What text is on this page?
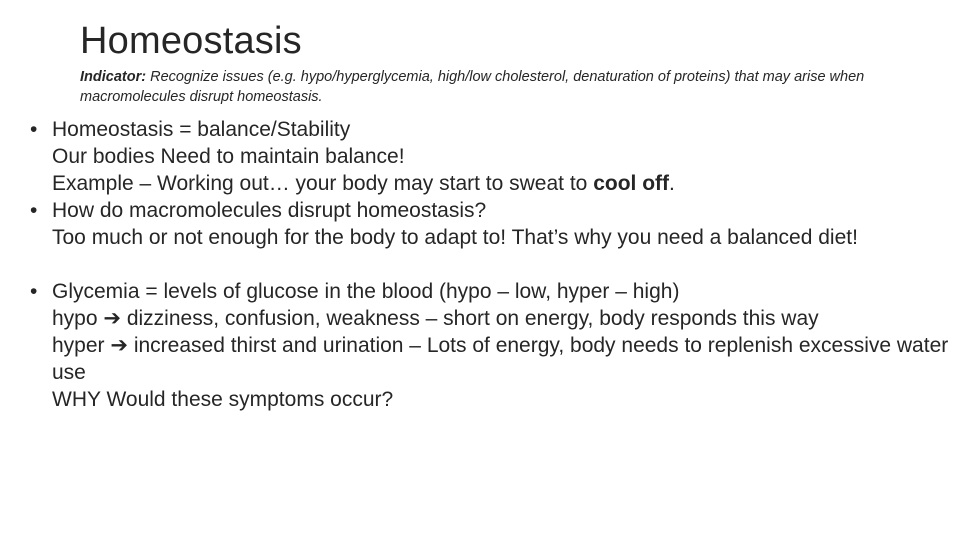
Homeostasis

Indicator: Recognize issues (e.g. hypo/hyperglycemia, high/low cholesterol, denaturation of proteins) that may arise when macromolecules disrupt homeostasis.

• Homeostasis = balance/Stability
Our bodies Need to maintain balance!
Example – Working out… your body may start to sweat to cool off.
• How do macromolecules disrupt homeostasis?
Too much or not enough for the body to adapt to! That’s why you need a balanced diet!
• Glycemia = levels of glucose in the blood (hypo – low, hyper – high)
hypo ➔ dizziness, confusion, weakness – short on energy, body responds this way
hyper ➔ increased thirst and urination – Lots of energy, body needs to replenish excessive water use
WHY Would these symptoms occur?
